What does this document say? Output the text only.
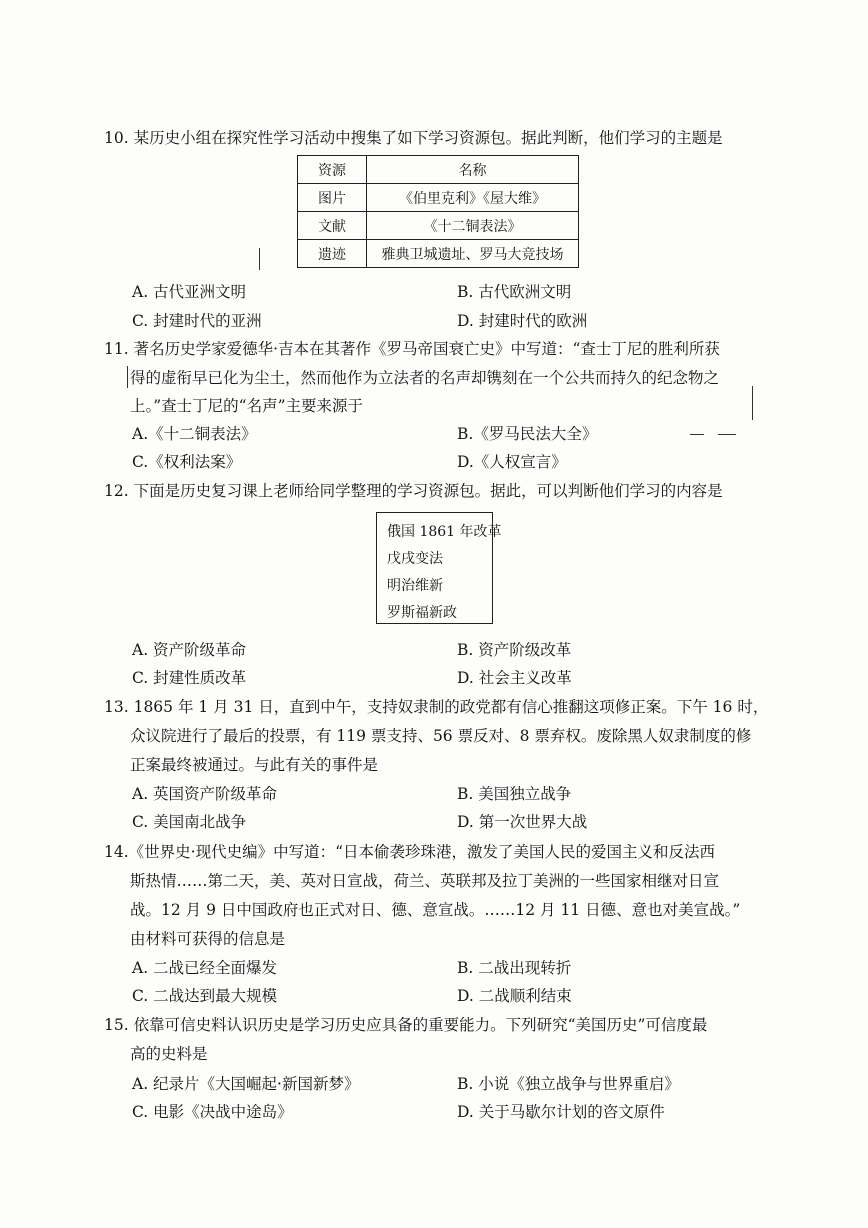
10. 某历史小组在探究性学习活动中搜集了如下学习资源包。据此判断，他们学习的主题是
资源	名称
图片	《伯里克利》《屋大维》
文献	《十二铜表法》
遗迹	雅典卫城遗址、罗马大竞技场
A. 古代亚洲文明	B. 古代欧洲文明
C. 封建时代的亚洲	D. 封建时代的欧洲
11. 著名历史学家爱德华·吉本在其著作《罗马帝国衰亡史》中写道：“查士丁尼的胜利所获
得的虚衔早已化为尘土，然而他作为立法者的名声却镌刻在一个公共而持久的纪念物之
上。”查士丁尼的“名声”主要来源于
A.《十二铜表法》	B.《罗马民法大全》
C.《权利法案》	D.《人权宣言》
12. 下面是历史复习课上老师给同学整理的学习资源包。据此，可以判断他们学习的内容是
俄国 1861 年改革
戊戌变法
明治维新
罗斯福新政
A. 资产阶级革命	B. 资产阶级改革
C. 封建性质改革	D. 社会主义改革
13. 1865 年 1 月 31 日，直到中午，支持奴隶制的政党都有信心推翻这项修正案。下午 16 时，
众议院进行了最后的投票，有 119 票支持、56 票反对、8 票弃权。废除黑人奴隶制度的修
正案最终被通过。与此有关的事件是
A. 英国资产阶级革命	B. 美国独立战争
C. 美国南北战争	D. 第一次世界大战
14.《世界史·现代史编》中写道：“日本偷袭珍珠港，激发了美国人民的爱国主义和反法西
斯热情……第二天，美、英对日宣战，荷兰、英联邦及拉丁美洲的一些国家相继对日宣
战。12 月 9 日中国政府也正式对日、德、意宣战。……12 月 11 日德、意也对美宣战。”
由材料可获得的信息是
A. 二战已经全面爆发	B. 二战出现转折
C. 二战达到最大规模	D. 二战顺利结束
15. 依靠可信史料认识历史是学习历史应具备的重要能力。下列研究“美国历史”可信度最
高的史料是
A. 纪录片《大国崛起·新国新梦》	B. 小说《独立战争与世界重启》
C. 电影《决战中途岛》	D. 关于马歇尔计划的咨文原件
